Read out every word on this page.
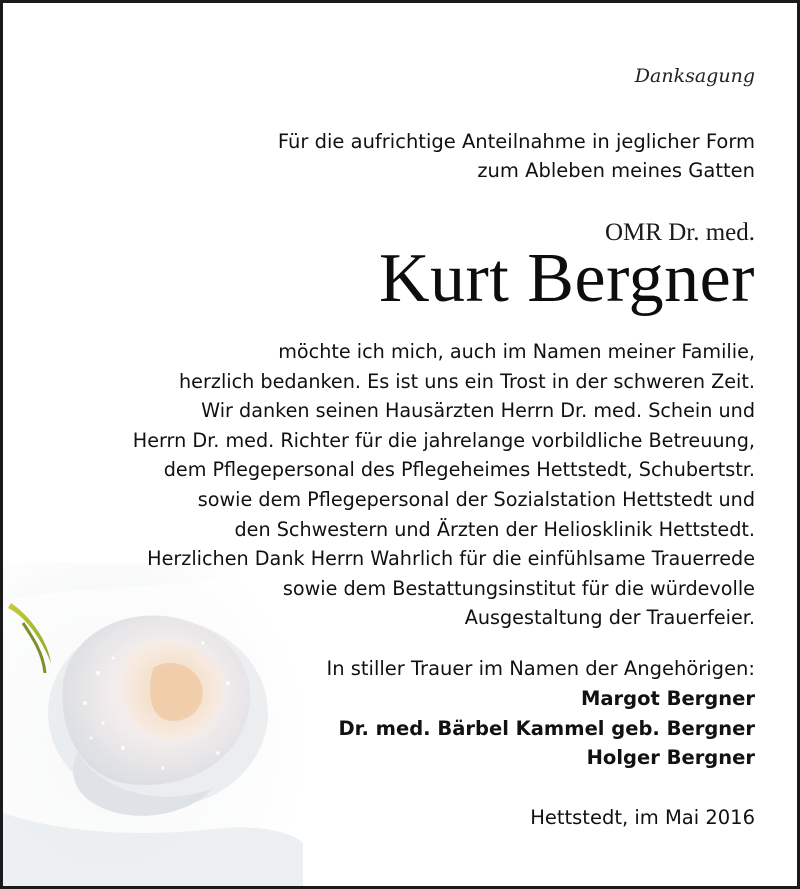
Danksagung
Für die aufrichtige Anteilnahme in jeglicher Form
zum Ableben meines Gatten
OMR Dr. med.
Kurt Bergner
möchte ich mich, auch im Namen meiner Familie,
herzlich bedanken. Es ist uns ein Trost in der schweren Zeit.
Wir danken seinen Hausärzten Herrn Dr. med. Schein und
Herrn Dr. med. Richter für die jahrelange vorbildliche Betreuung,
dem Pflegepersonal des Pflegeheimes Hettstedt, Schubertstr.
sowie dem Pflegepersonal der Sozialstation Hettstedt und
den Schwestern und Ärzten der Heliosklinik Hettstedt.
Herzlichen Dank Herrn Wahrlich für die einfühlsame Trauerrede
sowie dem Bestattungsinstitut für die würdevolle
Ausgestaltung der Trauerfeier.
In stiller Trauer im Namen der Angehörigen:
Margot Bergner
Dr. med. Bärbel Kammel geb. Bergner
Holger Bergner
Hettstedt, im Mai 2016
